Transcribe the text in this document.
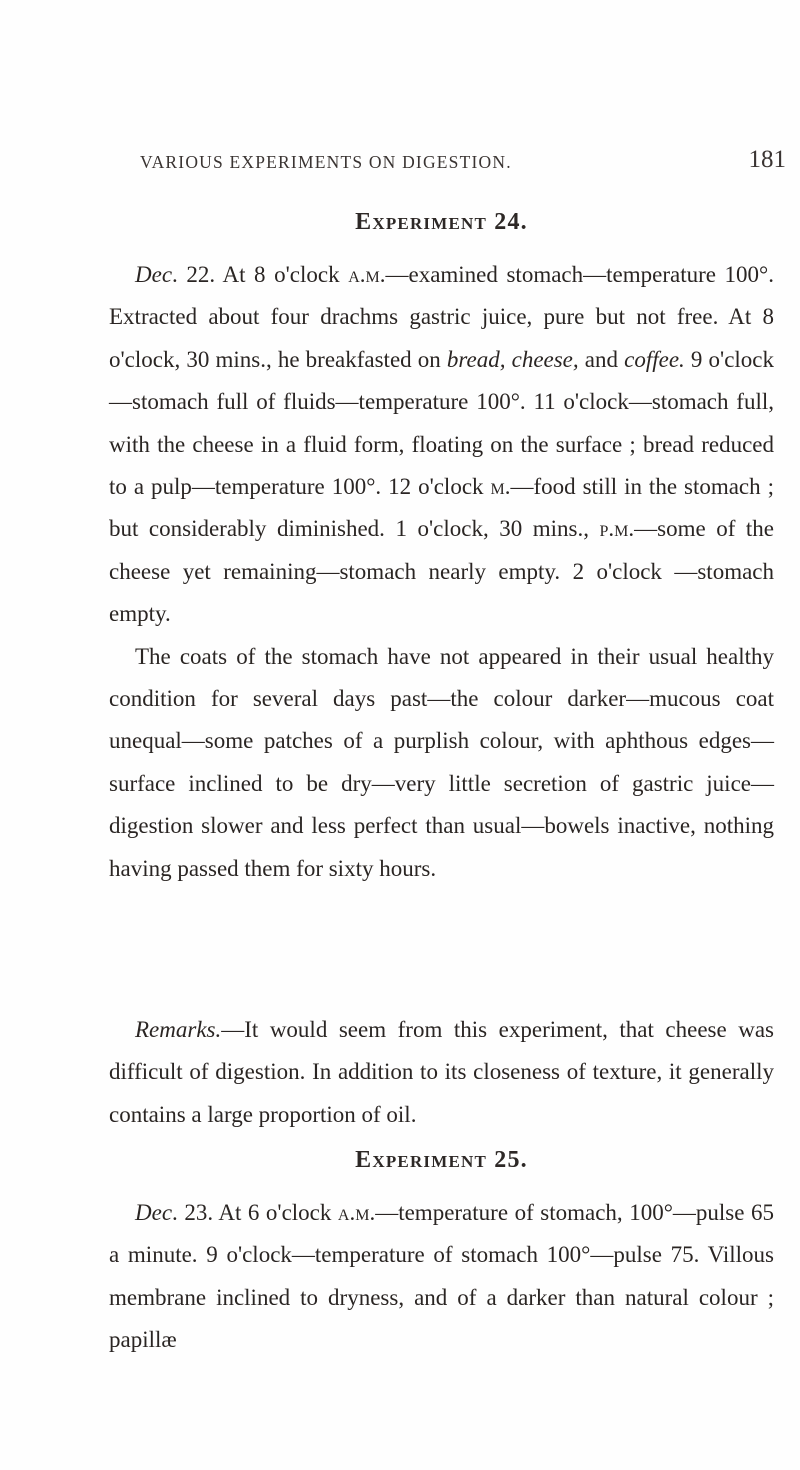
VARIOUS EXPERIMENTS ON DIGESTION.	181
Experiment 24.

Dec. 22. At 8 o'clock a.m.—examined stomach—temperature 100°. Extracted about four drachms gastric juice, pure but not free. At 8 o'clock, 30 mins., he breakfasted on bread, cheese, and coffee. 9 o'clock—stomach full of fluids—temperature 100°. 11 o'clock—stomach full, with the cheese in a fluid form, floating on the surface ; bread reduced to a pulp—temperature 100°. 12 o'clock m.—food still in the stomach ; but considerably diminished. 1 o'clock, 30 mins., p.m.—some of the cheese yet remaining—stomach nearly empty. 2 o'clock —stomach empty.

The coats of the stomach have not appeared in their usual healthy condition for several days past—the colour darker—mucous coat unequal—some patches of a purplish colour, with aphthous edges—surface inclined to be dry—very little secretion of gastric juice—digestion slower and less perfect than usual—bowels inactive, nothing having passed them for sixty hours.

Remarks.—It would seem from this experiment, that cheese was difficult of digestion. In addition to its closeness of texture, it generally contains a large proportion of oil.

Experiment 25.

Dec. 23. At 6 o'clock a.m.—temperature of stomach, 100°—pulse 65 a minute. 9 o'clock—temperature of stomach 100°—pulse 75. Villous membrane inclined to dryness, and of a darker than natural colour ; papillæ
